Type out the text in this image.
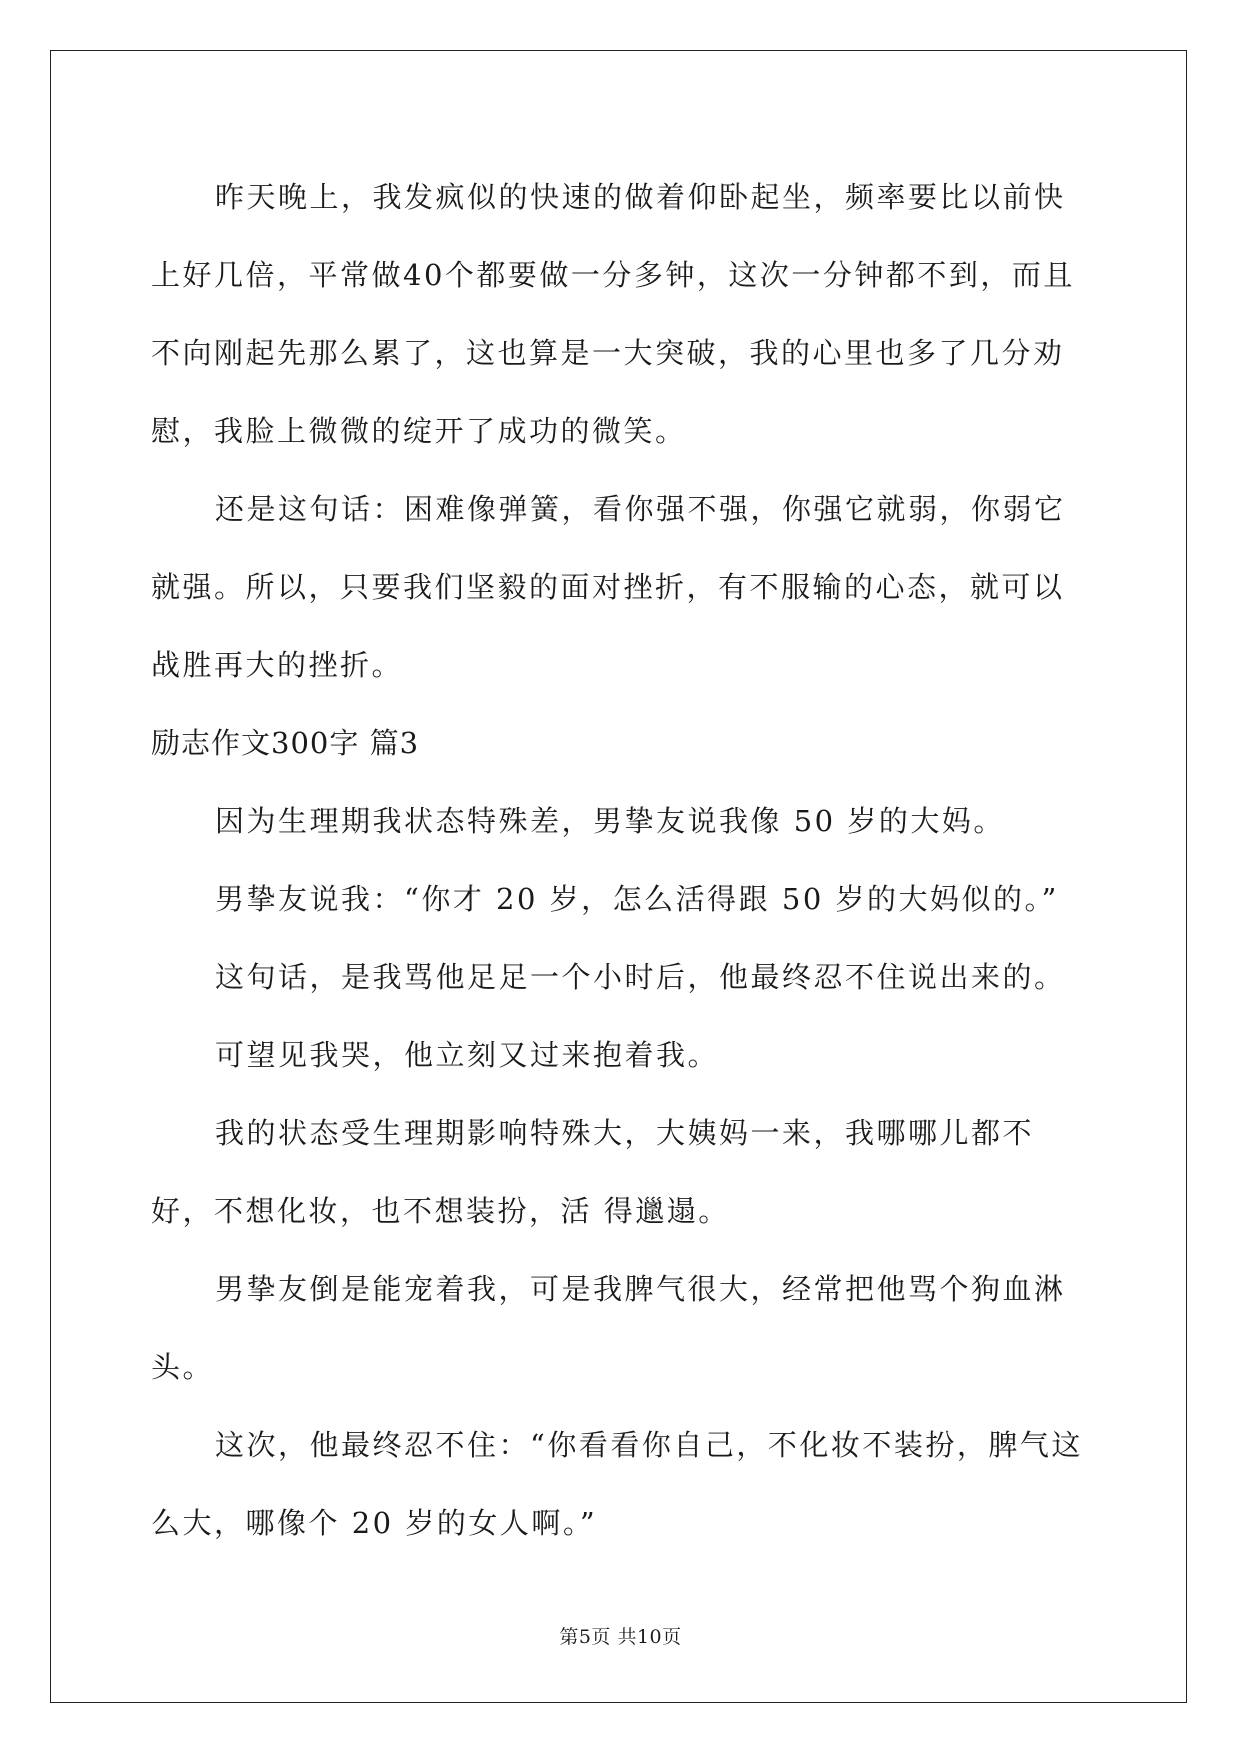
昨天晚上，我发疯似的快速的做着仰卧起坐，频率要比以前快上好几倍，平常做40个都要做一分多钟，这次一分钟都不到，而且不向刚起先那么累了，这也算是一大突破，我的心里也多了几分劝慰，我脸上微微的绽开了成功的微笑。

还是这句话：困难像弹簧，看你强不强，你强它就弱，你弱它就强。所以，只要我们坚毅的面对挫折，有不服输的心态，就可以战胜再大的挫折。

励志作文300字 篇3

因为生理期我状态特殊差，男挚友说我像 50 岁的大妈。

男挚友说我：“你才 20 岁，怎么活得跟 50 岁的大妈似的。”

这句话，是我骂他足足一个小时后，他最终忍不住说出来的。

可望见我哭，他立刻又过来抱着我。

我的状态受生理期影响特殊大，大姨妈一来，我哪哪儿都不好，不想化妆，也不想装扮，活 得邋遢。

男挚友倒是能宠着我，可是我脾气很大，经常把他骂个狗血淋头。

这次，他最终忍不住：“你看看你自己，不化妆不装扮，脾气这么大，哪像个 20 岁的女人啊。”

第5页 共10页
